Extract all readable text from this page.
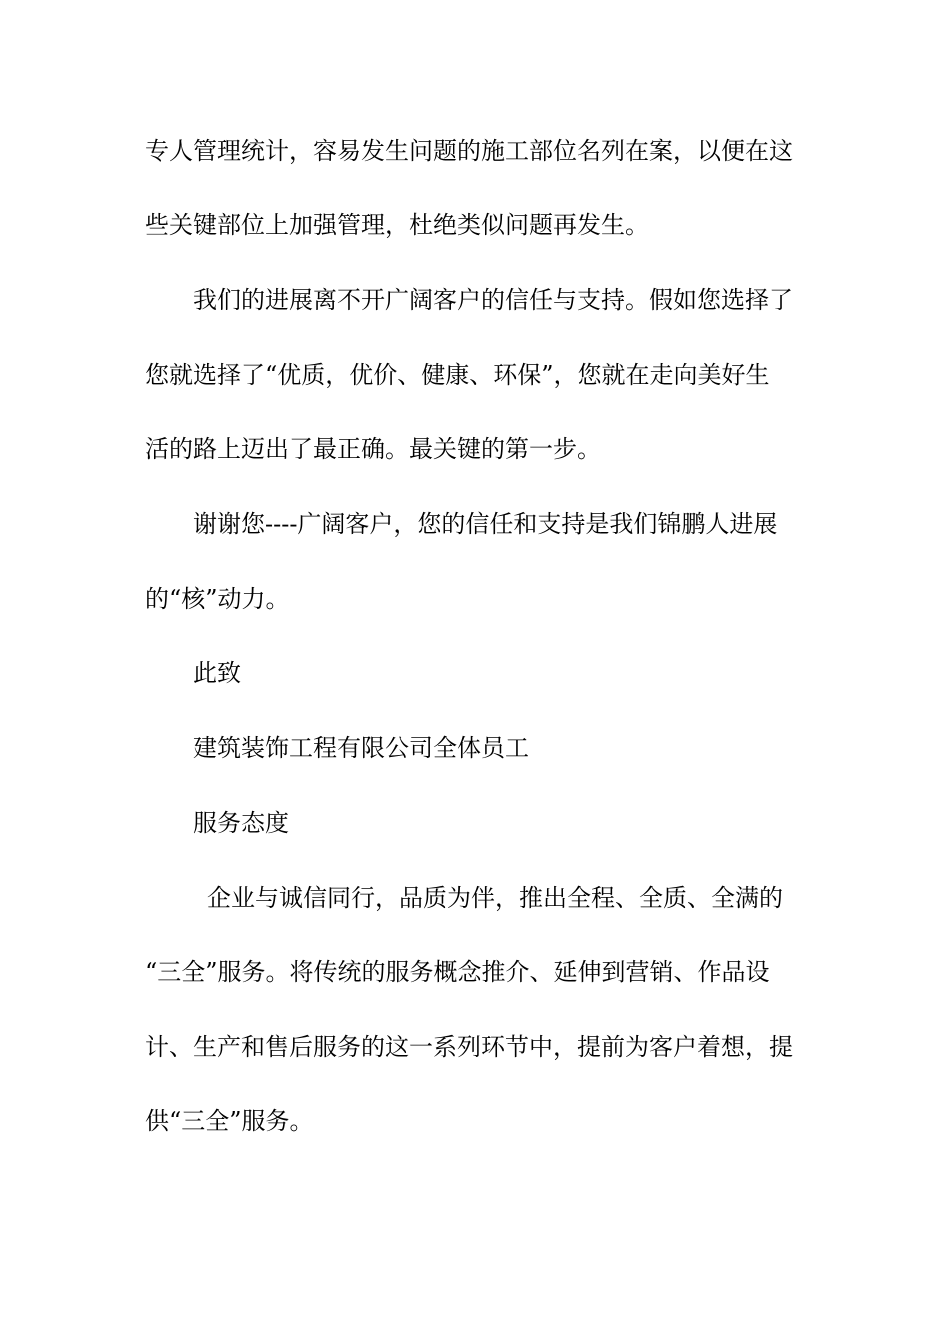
专人管理统计，容易发生问题的施工部位名列在案，以便在这
些关键部位上加强管理，杜绝类似问题再发生。
我们的进展离不开广阔客户的信任与支持。假如您选择了
您就选择了“优质，优价、健康、环保”，您就在走向美好生
活的路上迈出了最正确。最关键的第一步。
谢谢您----广阔客户，您的信任和支持是我们锦鹏人进展
的“核”动力。
此致
建筑装饰工程有限公司全体员工
服务态度
企业与诚信同行，品质为伴，推出全程、全质、全满的
“三全”服务。将传统的服务概念推介、延伸到营销、作品设
计、生产和售后服务的这一系列环节中，提前为客户着想，提
供“三全”服务。
